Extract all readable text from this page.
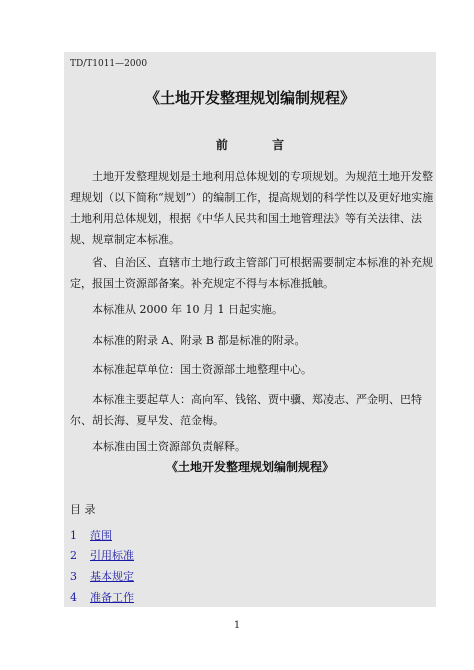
TD/T1011—2000
《土地开发整理规划编制规程》
前 言

土地开发整理规划是土地利用总体规划的专项规划。为规范土地开发整理规划（以下简称“规划”）的编制工作，提高规划的科学性以及更好地实施土地利用总体规划，根据《中华人民共和国土地管理法》等有关法律、法规、规章制定本标准。

省、自治区、直辖市土地行政主管部门可根据需要制定本标准的补充规定，报国土资源部备案。补充规定不得与本标准抵触。

本标准从 2000 年 10 月 1 日起实施。

本标准的附录 A、附录 B 都是标准的附录。

本标准起草单位：国土资源部土地整理中心。

本标准主要起草人：高向军、钱铭、贾中骥、郑凌志、严金明、巴特尔、胡长海、夏早发、范金梅。

本标准由国土资源部负责解释。

《土地开发整理规划编制规程》
目 录
1 范围
2 引用标准
3 基本规定
4 准备工作
1
